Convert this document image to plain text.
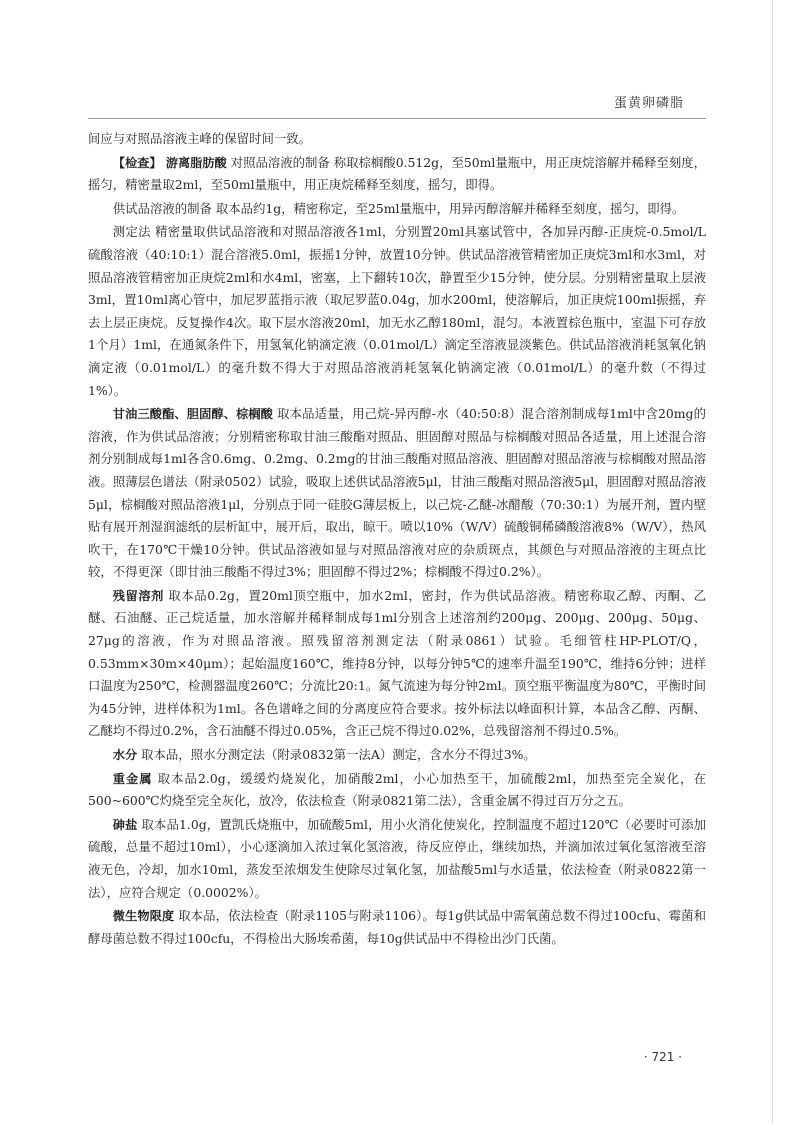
蛋黄卵磷脂

间应与对照品溶液主峰的保留时间一致。

【检查】 游离脂肪酸 对照品溶液的制备 称取棕榈酸0.512g，至50ml量瓶中，用正庚烷溶解并稀释至刻度，摇匀，精密量取2ml，至50ml量瓶中，用正庚烷稀释至刻度，摇匀，即得。

供试品溶液的制备 取本品约1g，精密称定，至25ml量瓶中，用异丙醇溶解并稀释至刻度，摇匀，即得。

测定法 精密量取供试品溶液和对照品溶液各1ml，分别置20ml具塞试管中，各加异丙醇-正庚烷-0.5mol/L硫酸溶液（40:10:1）混合溶液5.0ml，振摇1分钟，放置10分钟。供试品溶液管精密加正庚烷3ml和水3ml，对照品溶液管精密加正庚烷2ml和水4ml，密塞，上下翻转10次，静置至少15分钟，使分层。分别精密量取上层液3ml，置10ml离心管中，加尼罗蓝指示液（取尼罗蓝0.04g，加水200ml，使溶解后，加正庚烷100ml振摇，弃去上层正庚烷。反复操作4次。取下层水溶液20ml，加无水乙醇180ml，混匀。本液置棕色瓶中，室温下可存放1个月）1ml，在通氮条件下，用氢氧化钠滴定液（0.01mol/L）滴定至溶液显淡紫色。供试品溶液消耗氢氧化钠滴定液（0.01mol/L）的毫升数不得大于对照品溶液消耗氢氧化钠滴定液（0.01mol/L）的毫升数（不得过1%）。

甘油三酸酯、胆固醇、棕榈酸 取本品适量，用己烷-异丙醇-水（40:50:8）混合溶剂制成每1ml中含20mg的溶液，作为供试品溶液；分别精密称取甘油三酸酯对照品、胆固醇对照品与棕榈酸对照品各适量，用上述混合溶剂分别制成每1ml各含0.6mg、0.2mg、0.2mg的甘油三酸酯对照品溶液、胆固醇对照品溶液与棕榈酸对照品溶液。照薄层色谱法（附录0502）试验，吸取上述供试品溶液5μl，甘油三酸酯对照品溶液5μl，胆固醇对照品溶液5μl，棕榈酸对照品溶液1μl，分别点于同一硅胶G薄层板上，以己烷-乙醚-冰醋酸（70:30:1）为展开剂，置内壁贴有展开剂湿润滤纸的层析缸中，展开后，取出，晾干。喷以10%（W/V）硫酸铜稀磷酸溶液8%（W/V），热风吹干，在170℃干燥10分钟。供试品溶液如显与对照品溶液对应的杂质斑点，其颜色与对照品溶液的主斑点比较，不得更深（即甘油三酸酯不得过3%；胆固醇不得过2%；棕榈酸不得过0.2%）。

残留溶剂 取本品0.2g，置20ml顶空瓶中，加水2ml，密封，作为供试品溶液。精密称取乙醇、丙酮、乙醚、石油醚、正己烷适量，加水溶解并稀释制成每1ml分别含上述溶剂约200μg、200μg、200μg、50μg、27μg的溶液，作为对照品溶液。照残留溶剂测定法（附录0861）试验。毛细管柱HP-PLOT/Q，0.53mm×30m×40μm）；起始温度160℃，维持8分钟，以每分钟5℃的速率升温至190℃，维持6分钟；进样口温度为250℃，检测器温度260℃；分流比20:1。氮气流速为每分钟2ml。顶空瓶平衡温度为80℃，平衡时间为45分钟，进样体积为1ml。各色谱峰之间的分离度应符合要求。按外标法以峰面积计算，本品含乙醇、丙酮、乙醚均不得过0.2%，含石油醚不得过0.05%，含正己烷不得过0.02%，总残留溶剂不得过0.5%。

水分 取本品，照水分测定法（附录0832第一法A）测定，含水分不得过3%。

重金属 取本品2.0g，缓缓灼烧炭化，加硝酸2ml，小心加热至干，加硫酸2ml，加热至完全炭化，在500~600℃灼烧至完全灰化，放冷，依法检查（附录0821第二法），含重金属不得过百万分之五。

砷盐 取本品1.0g，置凯氏烧瓶中，加硫酸5ml，用小火消化使炭化，控制温度不超过120℃（必要时可添加硫酸，总量不超过10ml），小心逐滴加入浓过氧化氢溶液，待反应停止，继续加热，并滴加浓过氧化氢溶液至溶液无色，冷却，加水10ml，蒸发至浓烟发生使除尽过氧化氢，加盐酸5ml与水适量，依法检查（附录0822第一法），应符合规定（0.0002%）。

微生物限度 取本品，依法检查（附录1105与附录1106）。每1g供试品中需氧菌总数不得过100cfu、霉菌和酵母菌总数不得过100cfu，不得检出大肠埃希菌，每10g供试品中不得检出沙门氏菌。

· 721 ·
